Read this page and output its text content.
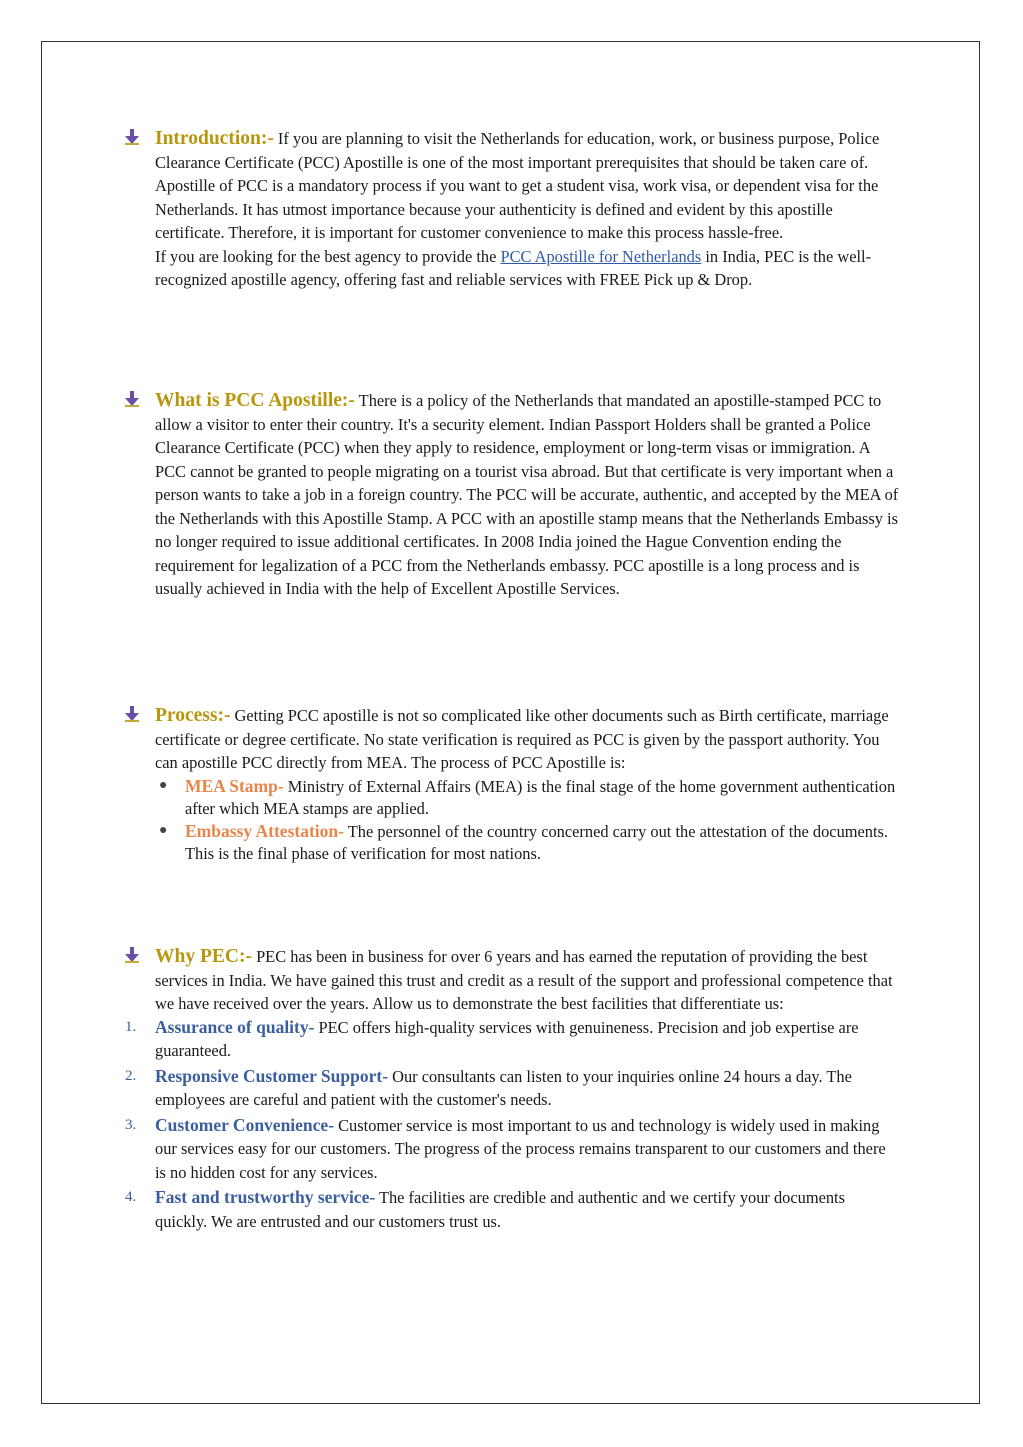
Introduction:- If you are planning to visit the Netherlands for education, work, or business purpose, Police Clearance Certificate (PCC) Apostille is one of the most important prerequisites that should be taken care of. Apostille of PCC is a mandatory process if you want to get a student visa, work visa, or dependent visa for the Netherlands. It has utmost importance because your authenticity is defined and evident by this apostille certificate. Therefore, it is important for customer convenience to make this process hassle-free.
If you are looking for the best agency to provide the PCC Apostille for Netherlands in India, PEC is the well-recognized apostille agency, offering fast and reliable services with FREE Pick up & Drop.
What is PCC Apostille:- There is a policy of the Netherlands that mandated an apostille-stamped PCC to allow a visitor to enter their country. It's a security element. Indian Passport Holders shall be granted a Police Clearance Certificate (PCC) when they apply to residence, employment or long-term visas or immigration. A PCC cannot be granted to people migrating on a tourist visa abroad. But that certificate is very important when a person wants to take a job in a foreign country. The PCC will be accurate, authentic, and accepted by the MEA of the Netherlands with this Apostille Stamp. A PCC with an apostille stamp means that the Netherlands Embassy is no longer required to issue additional certificates. In 2008 India joined the Hague Convention ending the requirement for legalization of a PCC from the Netherlands embassy. PCC apostille is a long process and is usually achieved in India with the help of Excellent Apostille Services.
Process:- Getting PCC apostille is not so complicated like other documents such as Birth certificate, marriage certificate or degree certificate. No state verification is required as PCC is given by the passport authority. You can apostille PCC directly from MEA. The process of PCC Apostille is:
● MEA Stamp- Ministry of External Affairs (MEA) is the final stage of the home government authentication after which MEA stamps are applied.
● Embassy Attestation- The personnel of the country concerned carry out the attestation of the documents. This is the final phase of verification for most nations.
Why PEC:- PEC has been in business for over 6 years and has earned the reputation of providing the best services in India. We have gained this trust and credit as a result of the support and professional competence that we have received over the years. Allow us to demonstrate the best facilities that differentiate us:
1. Assurance of quality- PEC offers high-quality services with genuineness. Precision and job expertise are guaranteed.
2. Responsive Customer Support- Our consultants can listen to your inquiries online 24 hours a day. The employees are careful and patient with the customer's needs.
3. Customer Convenience- Customer service is most important to us and technology is widely used in making our services easy for our customers. The progress of the process remains transparent to our customers and there is no hidden cost for any services.
4. Fast and trustworthy service- The facilities are credible and authentic and we certify your documents quickly. We are entrusted and our customers trust us.
